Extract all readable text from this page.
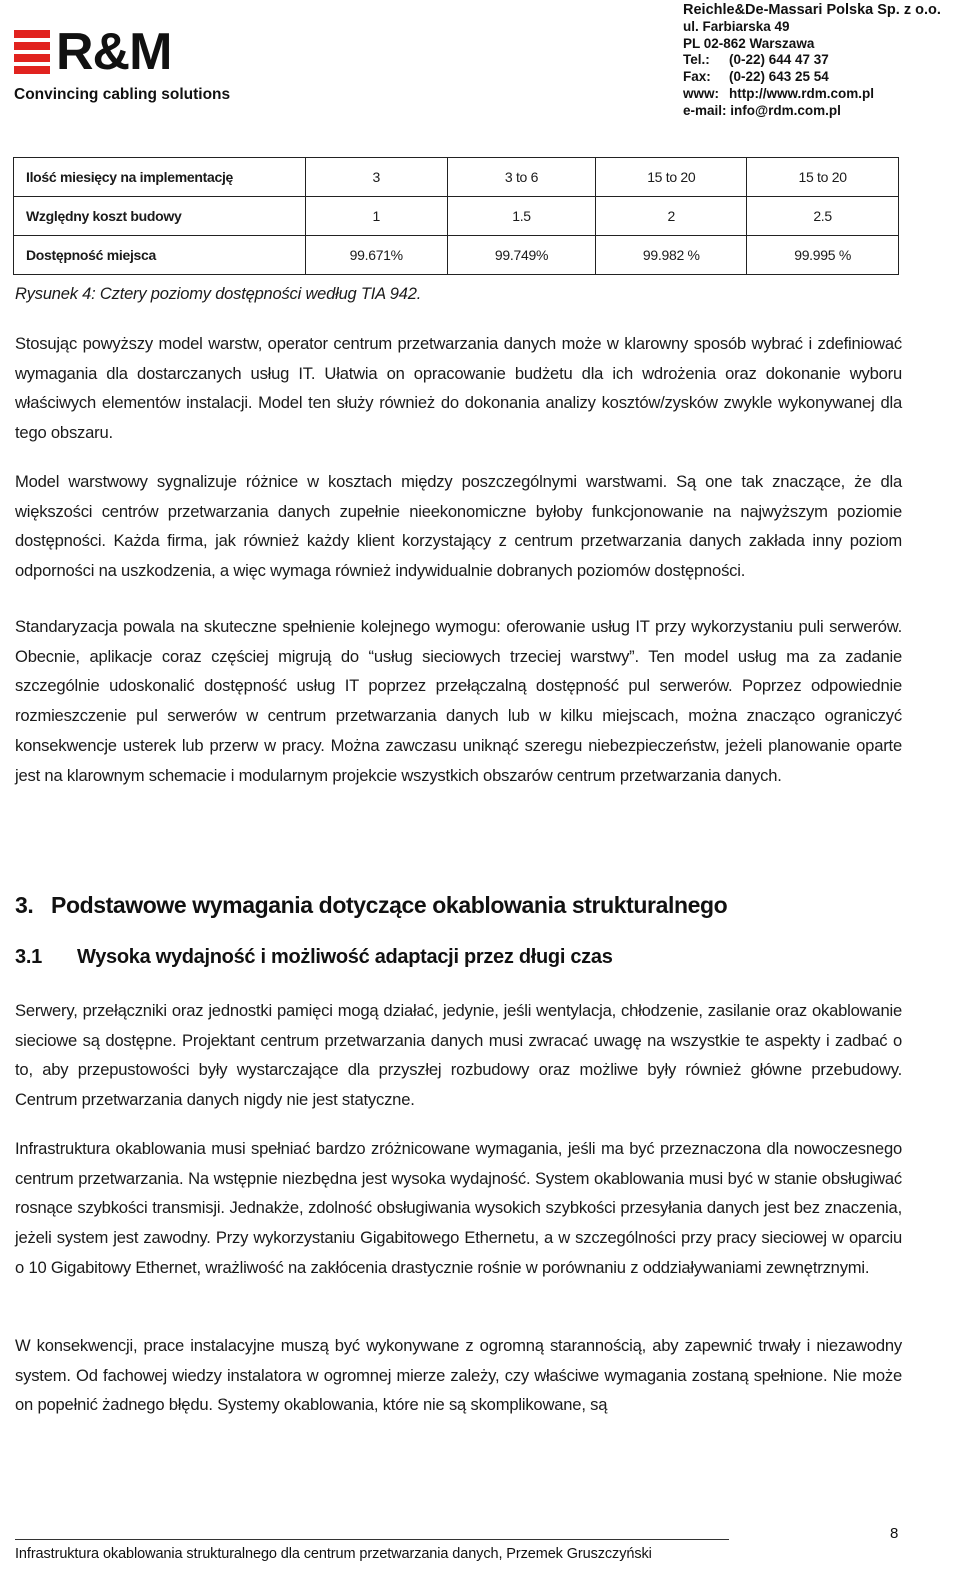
R&M
Convincing cabling solutions
Reichle&De-Massari Polska Sp. z o.o.
ul. Farbiarska 49
PL 02-862 Warszawa
Tel.:	(0-22) 644 47 37
Fax:	(0-22) 643 25 54
www: http://www.rdm.com.pl
e-mail: info@rdm.com.pl
Ilość miesięcy na implementację	3	3 to 6	15 to 20	15 to 20
Względny koszt budowy	1	1.5	2	2.5
Dostępność miejsca	99.671%	99.749%	99.982 %	99.995 %
Rysunek 4: Cztery poziomy dostępności według TIA 942.

Stosując powyższy model warstw, operator centrum przetwarzania danych może w klarowny sposób wybrać i zdefiniować wymagania dla dostarczanych usług IT. Ułatwia on opracowanie budżetu dla ich wdrożenia oraz dokonanie wyboru właściwych elementów instalacji. Model ten służy również do dokonania analizy kosztów/zysków zwykle wykonywanej dla tego obszaru.

Model warstwowy sygnalizuje różnice w kosztach między poszczególnymi warstwami. Są one tak znaczące, że dla większości centrów przetwarzania danych zupełnie nieekonomiczne byłoby funkcjonowanie na najwyższym poziomie dostępności. Każda firma, jak również każdy klient korzystający z centrum przetwarzania danych zakłada inny poziom odporności na uszkodzenia, a więc wymaga również indywidualnie dobranych poziomów dostępności.

Standaryzacja powala na skuteczne spełnienie kolejnego wymogu: oferowanie usług IT przy wykorzystaniu puli serwerów. Obecnie, aplikacje coraz częściej migrują do “usług sieciowych trzeciej warstwy”. Ten model usług ma za zadanie szczególnie udoskonalić dostępność usług IT poprzez przełączalną dostępność pul serwerów. Poprzez odpowiednie rozmieszczenie pul serwerów w centrum przetwarzania danych lub w kilku miejscach, można znacząco ograniczyć konsekwencje usterek lub przerw w pracy. Można zawczasu uniknąć szeregu niebezpieczeństw, jeżeli planowanie oparte jest na klarownym schemacie i modularnym projekcie wszystkich obszarów centrum przetwarzania danych.

3. Podstawowe wymagania dotyczące okablowania strukturalnego
3.1 Wysoka wydajność i możliwość adaptacji przez długi czas

Serwery, przełączniki oraz jednostki pamięci mogą działać, jedynie, jeśli wentylacja, chłodzenie, zasilanie oraz okablowanie sieciowe są dostępne. Projektant centrum przetwarzania danych musi zwracać uwagę na wszystkie te aspekty i zadbać o to, aby przepustowości były wystarczające dla przyszłej rozbudowy oraz możliwe były również główne przebudowy. Centrum przetwarzania danych nigdy nie jest statyczne.

Infrastruktura okablowania musi spełniać bardzo zróżnicowane wymagania, jeśli ma być przeznaczona dla nowoczesnego centrum przetwarzania. Na wstępnie niezbędna jest wysoka wydajność. System okablowania musi być w stanie obsługiwać rosnące szybkości transmisji. Jednakże, zdolność obsługiwania wysokich szybkości przesyłania danych jest bez znaczenia, jeżeli system jest zawodny. Przy wykorzystaniu Gigabitowego Ethernetu, a w szczególności przy pracy sieciowej w oparciu o 10 Gigabitowy Ethernet, wrażliwość na zakłócenia drastycznie rośnie w porównaniu z oddziaływaniami zewnętrznymi.

W konsekwencji, prace instalacyjne muszą być wykonywane z ogromną starannością, aby zapewnić trwały i niezawodny system. Od fachowej wiedzy instalatora w ogromnej mierze zależy, czy właściwe wymagania zostaną spełnione. Nie może on popełnić żadnego błędu. Systemy okablowania, które nie są skomplikowane, są

Infrastruktura okablowania strukturalnego dla centrum przetwarzania danych, Przemek Gruszczyński
8
